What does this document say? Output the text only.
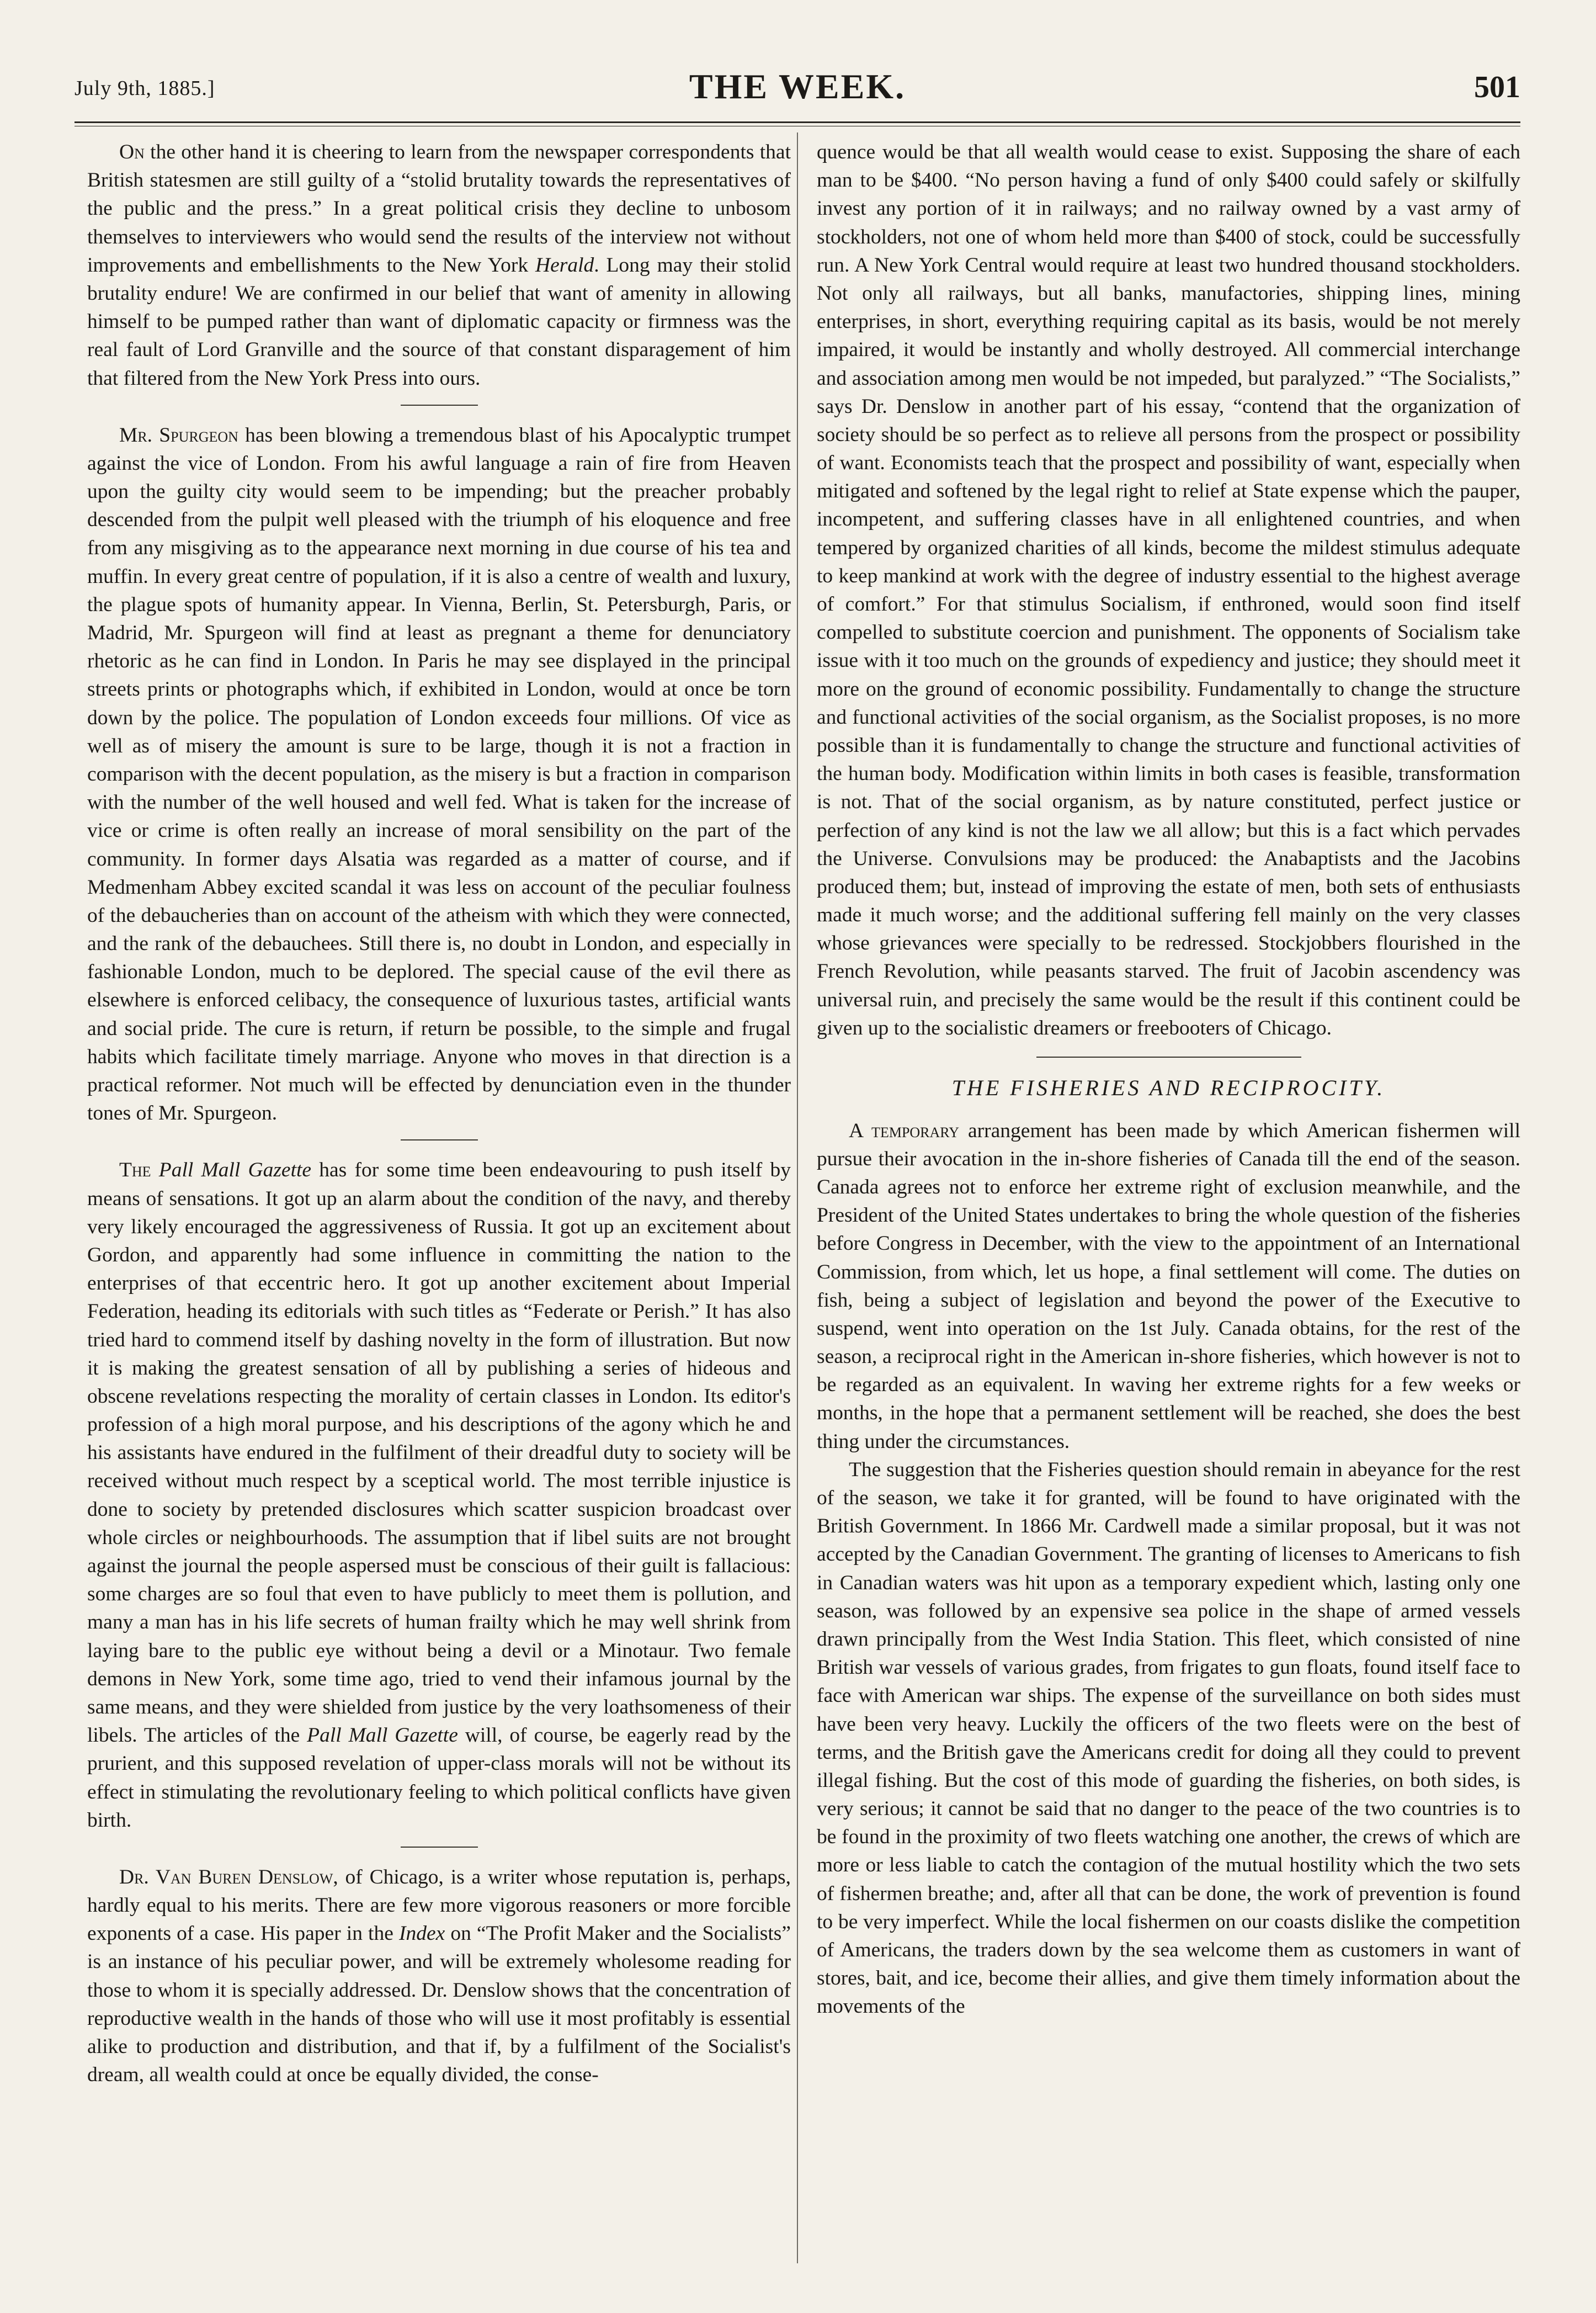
July 9th, 1885.]	THE WEEK.	501

On the other hand it is cheering to learn from the newspaper correspondents that British statesmen are still guilty of a “stolid brutality towards the representatives of the public and the press.” In a great political crisis they decline to unbosom themselves to interviewers who would send the results of the interview not without improvements and embellishments to the New York Herald. Long may their stolid brutality endure! We are confirmed in our belief that want of amenity in allowing himself to be pumped rather than want of diplomatic capacity or firmness was the real fault of Lord Granville and the source of that constant disparagement of him that filtered from the New York Press into ours.

Mr. Spurgeon has been blowing a tremendous blast of his Apocalyptic trumpet against the vice of London. From his awful language a rain of fire from Heaven upon the guilty city would seem to be impending; but the preacher probably descended from the pulpit well pleased with the triumph of his eloquence and free from any misgiving as to the appearance next morning in due course of his tea and muffin. In every great centre of population, if it is also a centre of wealth and luxury, the plague spots of humanity appear. In Vienna, Berlin, St. Petersburgh, Paris, or Madrid, Mr. Spurgeon will find at least as pregnant a theme for denunciatory rhetoric as he can find in London. In Paris he may see displayed in the principal streets prints or photographs which, if exhibited in London, would at once be torn down by the police. The population of London exceeds four millions. Of vice as well as of misery the amount is sure to be large, though it is not a fraction in comparison with the decent population, as the misery is but a fraction in comparison with the number of the well housed and well fed. What is taken for the increase of vice or crime is often really an increase of moral sensibility on the part of the community. In former days Alsatia was regarded as a matter of course, and if Medmenham Abbey excited scandal it was less on account of the peculiar foulness of the debaucheries than on account of the atheism with which they were connected, and the rank of the debauchees. Still there is, no doubt in London, and especially in fashionable London, much to be deplored. The special cause of the evil there as elsewhere is enforced celibacy, the consequence of luxurious tastes, artificial wants and social pride. The cure is return, if return be possible, to the simple and frugal habits which facilitate timely marriage. Anyone who moves in that direction is a practical reformer. Not much will be effected by denunciation even in the thunder tones of Mr. Spurgeon.

The Pall Mall Gazette has for some time been endeavouring to push itself by means of sensations. It got up an alarm about the condition of the navy, and thereby very likely encouraged the aggressiveness of Russia. It got up an excitement about Gordon, and apparently had some influence in committing the nation to the enterprises of that eccentric hero. It got up another excitement about Imperial Federation, heading its editorials with such titles as “Federate or Perish.” It has also tried hard to commend itself by dashing novelty in the form of illustration. But now it is making the greatest sensation of all by publishing a series of hideous and obscene revelations respecting the morality of certain classes in London. Its editor's profession of a high moral purpose, and his descriptions of the agony which he and his assistants have endured in the fulfilment of their dreadful duty to society will be received without much respect by a sceptical world. The most terrible injustice is done to society by pretended disclosures which scatter suspicion broadcast over whole circles or neighbourhoods. The assumption that if libel suits are not brought against the journal the people aspersed must be conscious of their guilt is fallacious: some charges are so foul that even to have publicly to meet them is pollution, and many a man has in his life secrets of human frailty which he may well shrink from laying bare to the public eye without being a devil or a Minotaur. Two female demons in New York, some time ago, tried to vend their infamous journal by the same means, and they were shielded from justice by the very loathsomeness of their libels. The articles of the Pall Mall Gazette will, of course, be eagerly read by the prurient, and this supposed revelation of upper-class morals will not be without its effect in stimulating the revolutionary feeling to which political conflicts have given birth.

Dr. Van Buren Denslow, of Chicago, is a writer whose reputation is, perhaps, hardly equal to his merits. There are few more vigorous reasoners or more forcible exponents of a case. His paper in the Index on “The Profit Maker and the Socialists” is an instance of his peculiar power, and will be extremely wholesome reading for those to whom it is specially addressed. Dr. Denslow shows that the concentration of reproductive wealth in the hands of those who will use it most profitably is essential alike to production and distribution, and that if, by a fulfilment of the Socialist's dream, all wealth could at once be equally divided, the conse-

quence would be that all wealth would cease to exist. Supposing the share of each man to be $400. “No person having a fund of only $400 could safely or skilfully invest any portion of it in railways; and no railway owned by a vast army of stockholders, not one of whom held more than $400 of stock, could be successfully run. A New York Central would require at least two hundred thousand stockholders. Not only all railways, but all banks, manufactories, shipping lines, mining enterprises, in short, everything requiring capital as its basis, would be not merely impaired, it would be instantly and wholly destroyed. All commercial interchange and association among men would be not impeded, but paralyzed.” “The Socialists,” says Dr. Denslow in another part of his essay, “contend that the organization of society should be so perfect as to relieve all persons from the prospect or possibility of want. Economists teach that the prospect and possibility of want, especially when mitigated and softened by the legal right to relief at State expense which the pauper, incompetent, and suffering classes have in all enlightened countries, and when tempered by organized charities of all kinds, become the mildest stimulus adequate to keep mankind at work with the degree of industry essential to the highest average of comfort.” For that stimulus Socialism, if enthroned, would soon find itself compelled to substitute coercion and punishment. The opponents of Socialism take issue with it too much on the grounds of expediency and justice; they should meet it more on the ground of economic possibility. Fundamentally to change the structure and functional activities of the social organism, as the Socialist proposes, is no more possible than it is fundamentally to change the structure and functional activities of the human body. Modification within limits in both cases is feasible, transformation is not. That of the social organism, as by nature constituted, perfect justice or perfection of any kind is not the law we all allow; but this is a fact which pervades the Universe. Convulsions may be produced: the Anabaptists and the Jacobins produced them; but, instead of improving the estate of men, both sets of enthusiasts made it much worse; and the additional suffering fell mainly on the very classes whose grievances were specially to be redressed. Stockjobbers flourished in the French Revolution, while peasants starved. The fruit of Jacobin ascendency was universal ruin, and precisely the same would be the result if this continent could be given up to the socialistic dreamers or freebooters of Chicago.

THE FISHERIES AND RECIPROCITY.

A temporary arrangement has been made by which American fishermen will pursue their avocation in the in-shore fisheries of Canada till the end of the season. Canada agrees not to enforce her extreme right of exclusion meanwhile, and the President of the United States undertakes to bring the whole question of the fisheries before Congress in December, with the view to the appointment of an International Commission, from which, let us hope, a final settlement will come. The duties on fish, being a subject of legislation and beyond the power of the Executive to suspend, went into operation on the 1st July. Canada obtains, for the rest of the season, a reciprocal right in the American in-shore fisheries, which however is not to be regarded as an equivalent. In waving her extreme rights for a few weeks or months, in the hope that a permanent settlement will be reached, she does the best thing under the circumstances.

The suggestion that the Fisheries question should remain in abeyance for the rest of the season, we take it for granted, will be found to have originated with the British Government. In 1866 Mr. Cardwell made a similar proposal, but it was not accepted by the Canadian Government. The granting of licenses to Americans to fish in Canadian waters was hit upon as a temporary expedient which, lasting only one season, was followed by an expensive sea police in the shape of armed vessels drawn principally from the West India Station. This fleet, which consisted of nine British war vessels of various grades, from frigates to gun floats, found itself face to face with American war ships. The expense of the surveillance on both sides must have been very heavy. Luckily the officers of the two fleets were on the best of terms, and the British gave the Americans credit for doing all they could to prevent illegal fishing. But the cost of this mode of guarding the fisheries, on both sides, is very serious; it cannot be said that no danger to the peace of the two countries is to be found in the proximity of two fleets watching one another, the crews of which are more or less liable to catch the contagion of the mutual hostility which the two sets of fishermen breathe; and, after all that can be done, the work of prevention is found to be very imperfect. While the local fishermen on our coasts dislike the competition of Americans, the traders down by the sea welcome them as customers in want of stores, bait, and ice, become their allies, and give them timely information about the movements of the
